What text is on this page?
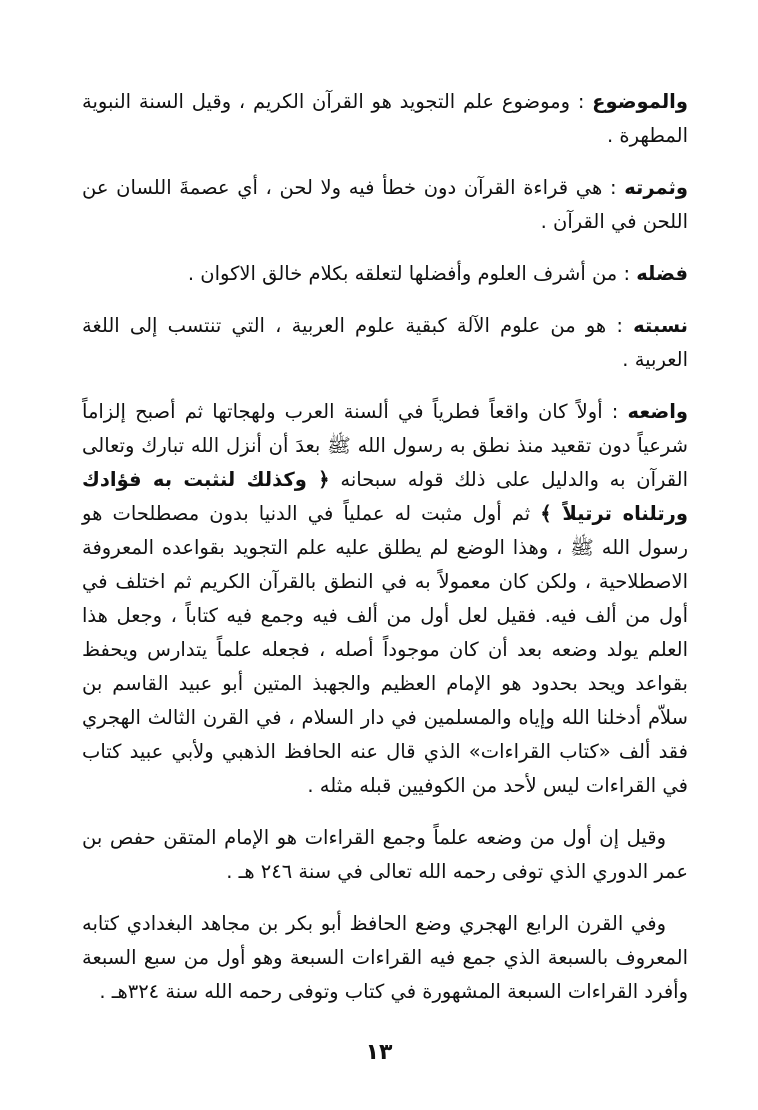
والموضوع : وموضوع علم التجويد هو القرآن الكريم ، وقيل السنة النبوية المطهرة .

وثمرته : هي قراءة القرآن دون خطأ فيه ولا لحن ، أي عصمةَ اللسان عن اللحن في القرآن .

فضله : من أشرف العلوم وأفضلها لتعلقه بكلام خالق الاكوان .

نسبته : هو من علوم الآلة كبقية علوم العربية ، التي تنتسب إلى اللغة العربية .

واضعه : أولاً كان واقعاً فطرياً في ألسنة العرب ولهجاتها ثم أصبح إلزاماً شرعياً دون تقعيد منذ نطق به رسول الله ﷺ بعدَ أن أنزل الله تبارك وتعالى القرآن به والدليل على ذلك قوله سبحانه ﴿ وكذلك لنثبت به فؤادك ورتلناه ترتيلاً ﴾ ثم أول مثبت له عملياً في الدنيا بدون مصطلحات هو رسول الله ﷺ ، وهذا الوضع لم يطلق عليه علم التجويد بقواعده المعروفة الاصطلاحية ، ولكن كان معمولاً به في النطق بالقرآن الكريم ثم اختلف في أول من ألف فيه. فقيل لعل أول من ألف فيه وجمع فيه كتاباً ، وجعل هذا العلم يولد وضعه بعد أن كان موجوداً أصله ، فجعله علماً يتدارس ويحفظ بقواعد ويحد بحدود هو الإمام العظيم والجهبذ المتين أبو عبيد القاسم بن سلاّم أدخلنا الله وإياه والمسلمين في دار السلام ، في القرن الثالث الهجري فقد ألف «كتاب القراءات» الذي قال عنه الحافظ الذهبي ولأبي عبيد كتاب في القراءات ليس لأحد من الكوفيين قبله مثله .

وقيل إن أول من وضعه علماً وجمع القراءات هو الإمام المتقن حفص بن عمر الدوري الذي توفى رحمه الله تعالى في سنة ٢٤٦ هـ .

وفي القرن الرابع الهجري وضع الحافظ أبو بكر بن مجاهد البغدادي كتابه المعروف بالسبعة الذي جمع فيه القراءات السبعة وهو أول من سبع السبعة وأفرد القراءات السبعة المشهورة في كتاب وتوفى رحمه الله سنة ٣٢٤هـ .

١٣
